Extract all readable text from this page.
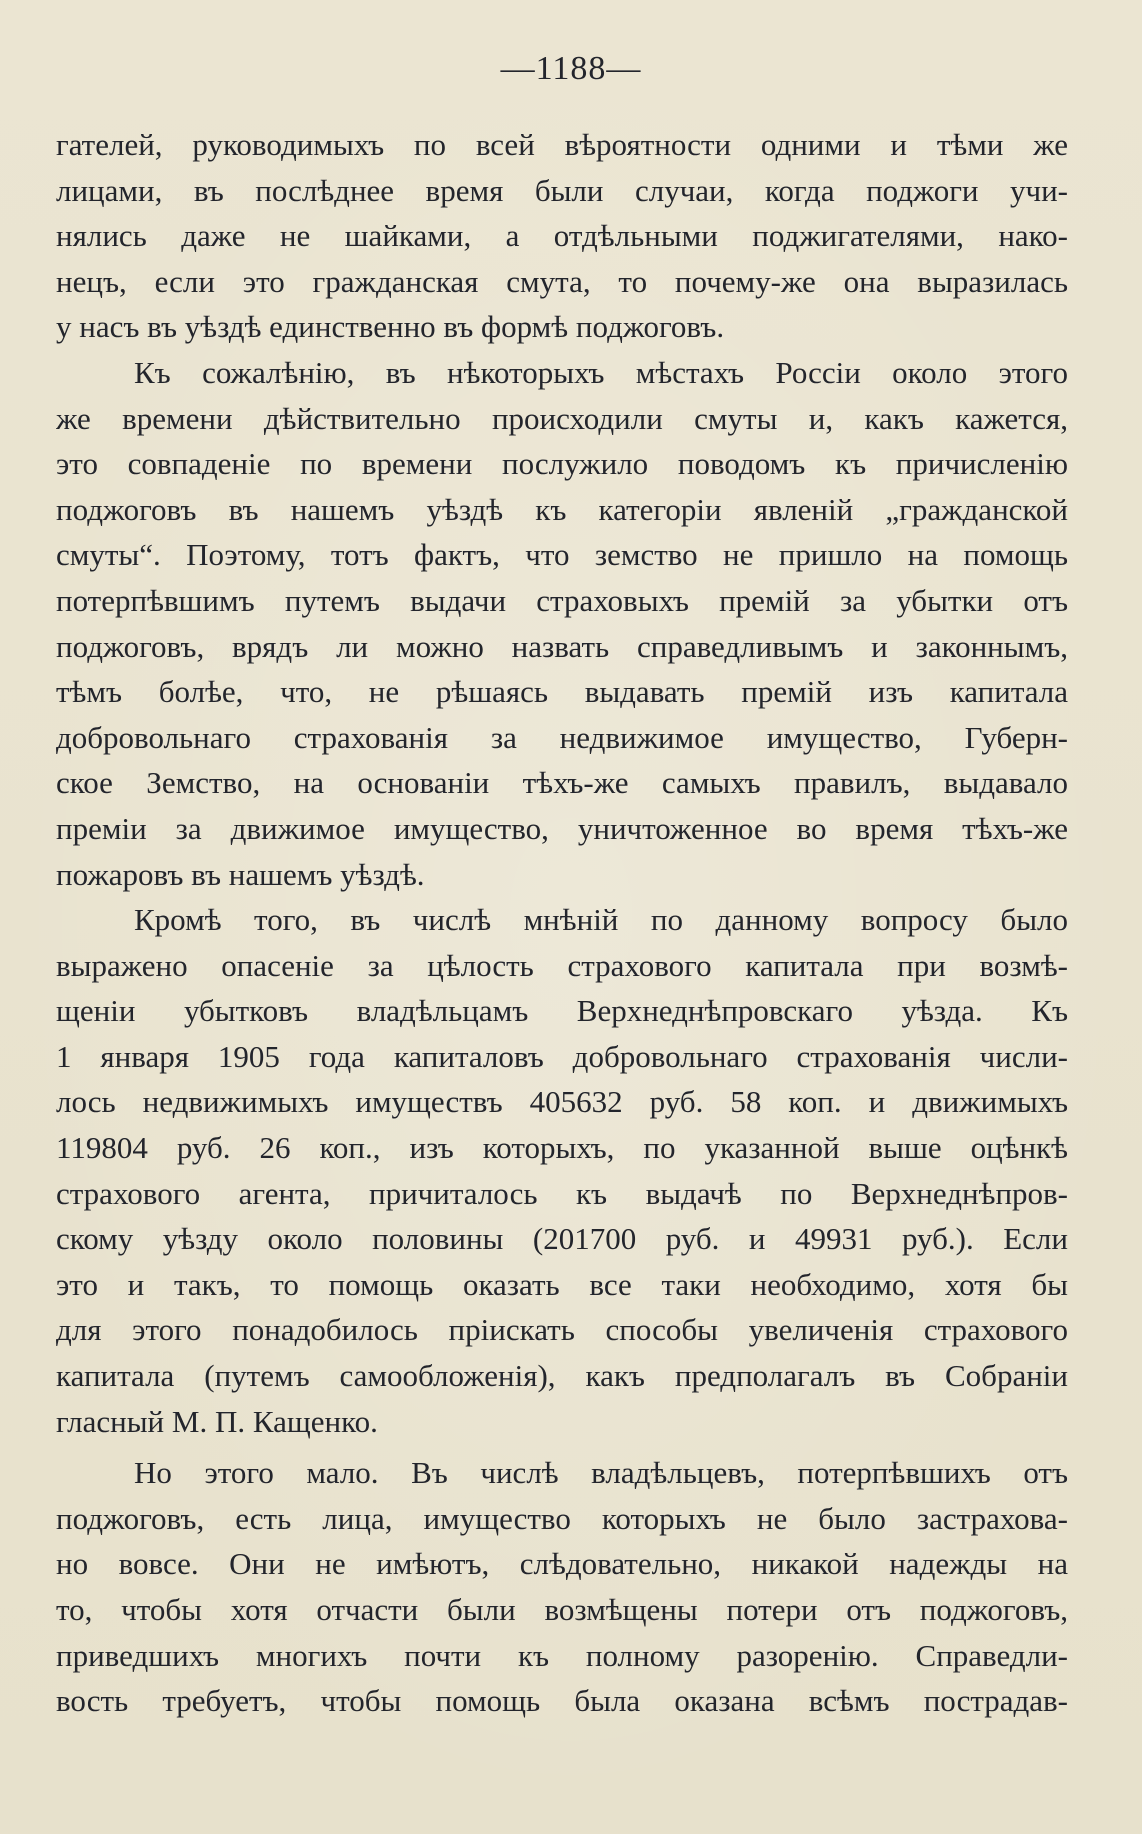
—1188—
гателей, руководимыхъ по всей вѣроятности одними и тѣми же
лицами, въ послѣднее время были случаи, когда поджоги учи-
нялись даже не шайками, а отдѣльными поджигателями, нако-
нецъ, если это гражданская смута, то почему-же она выразилась
у насъ въ уѣздѣ единственно въ формѣ поджоговъ.
Къ сожалѣнію, въ нѣкоторыхъ мѣстахъ Россіи около этого
же времени дѣйствительно происходили смуты и, какъ кажется,
это совпаденіе по времени послужило поводомъ къ причисленію
поджоговъ въ нашемъ уѣздѣ къ категоріи явленій „гражданской
смуты“. Поэтому, тотъ фактъ, что земство не пришло на помощь
потерпѣвшимъ путемъ выдачи страховыхъ премій за убытки отъ
поджоговъ, врядъ ли можно назвать справедливымъ и законнымъ,
тѣмъ болѣе, что, не рѣшаясь выдавать премій изъ капитала
добровольнаго страхованія за недвижимое имущество, Губерн-
ское Земство, на основаніи тѣхъ-же самыхъ правилъ, выдавало
преміи за движимое имущество, уничтоженное во время тѣхъ-же
пожаровъ въ нашемъ уѣздѣ.
Кромѣ того, въ числѣ мнѣній по данному вопросу было
выражено опасеніе за цѣлость страхового капитала при возмѣ-
щеніи убытковъ владѣльцамъ Верхнеднѣпровскаго уѣзда. Къ
1 января 1905 года капиталовъ добровольнаго страхованія числи-
лось недвижимыхъ имуществъ 405632 руб. 58 коп. и движимыхъ
119804 руб. 26 коп., изъ которыхъ, по указанной выше оцѣнкѣ
страхового агента, причиталось къ выдачѣ по Верхнеднѣпров-
скому уѣзду около половины (201700 руб. и 49931 руб.). Если
это и такъ, то помощь оказать все таки необходимо, хотя бы
для этого понадобилось пріискать способы увеличенія страхового
капитала (путемъ самообложенія), какъ предполагалъ въ Собраніи
гласный М. П. Кащенко.
Но этого мало. Въ числѣ владѣльцевъ, потерпѣвшихъ отъ
поджоговъ, есть лица, имущество которыхъ не было застрахова-
но вовсе. Они не имѣютъ, слѣдовательно, никакой надежды на
то, чтобы хотя отчасти были возмѣщены потери отъ поджоговъ,
приведшихъ многихъ почти къ полному разоренію. Справедли-
вость требуетъ, чтобы помощь была оказана всѣмъ пострадав-
